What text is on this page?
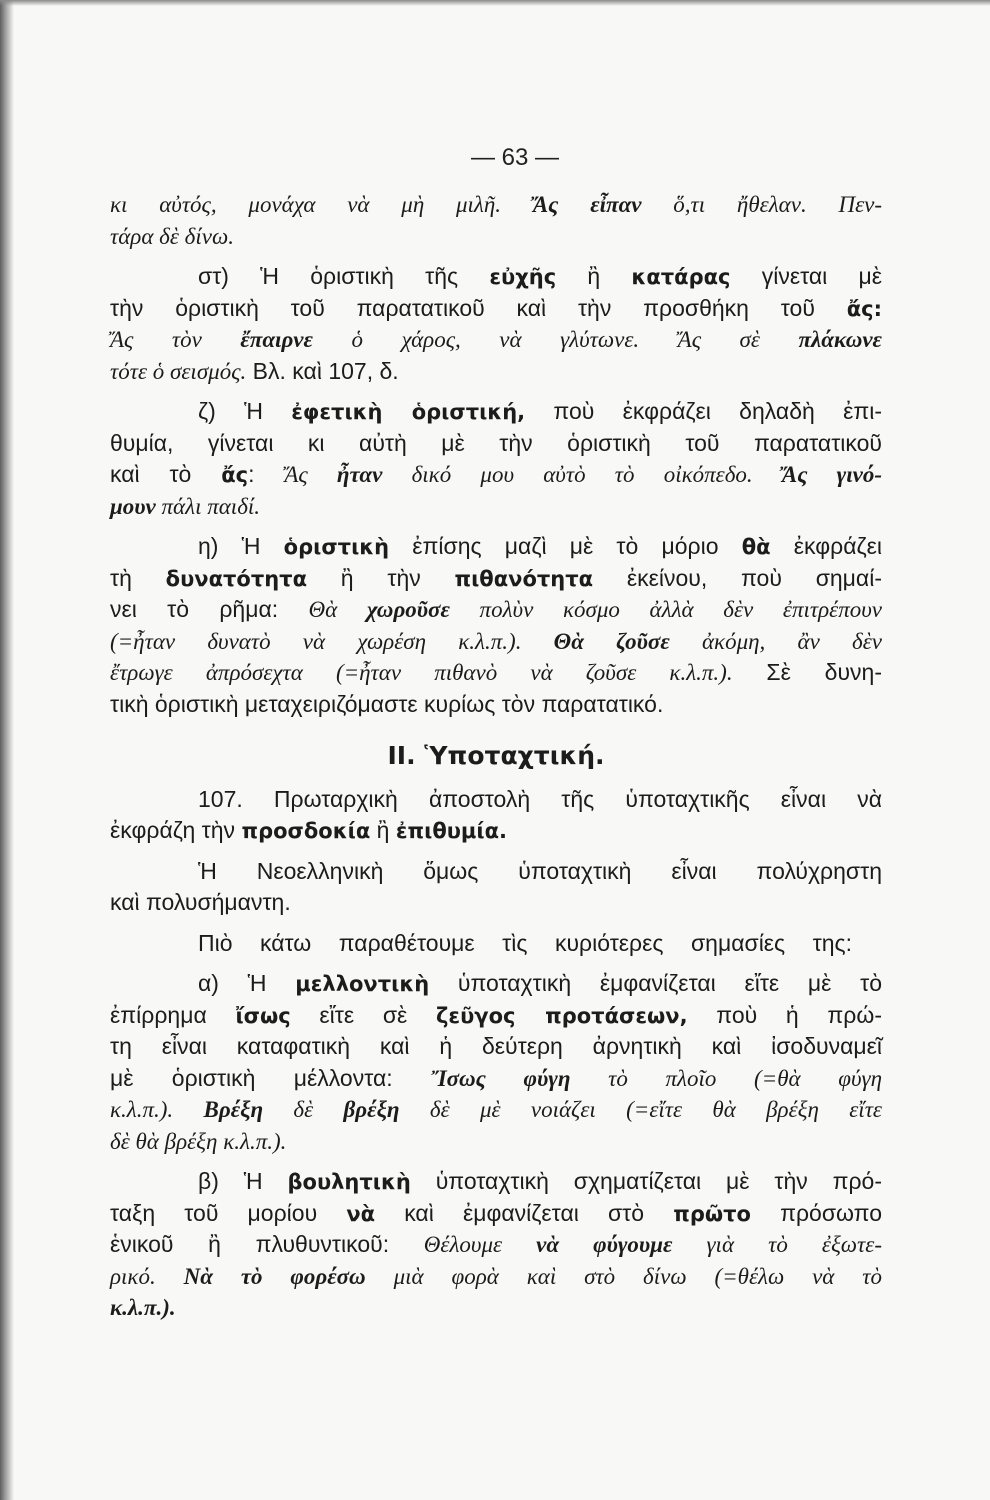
— 63 —
κι αὐτός, μονάχα νὰ μὴ μιλῆ. Ἄς εἶπαν ὅ,τι ἤθελαν. Πεν-
τάρα δὲ δίνω.
στ) Ἡ ὁριστικὴ τῆς εὐχῆς ἢ κατάρας γίνεται μὲ
τὴν ὁριστικὴ τοῦ παρατατικοῦ καὶ τὴν προσθήκη τοῦ ἄς:
Ἄς τὸν ἔπαιρνε ὁ χάρος, νὰ γλύτωνε. Ἄς σὲ πλάκωνε
τότε ὁ σεισμός. Βλ. καὶ 107, δ.
ζ) Ἡ ἐφετικὴ ὁριστική, ποὺ ἐκφράζει δηλαδὴ ἐπι-
θυμία, γίνεται κι αὐτὴ μὲ τὴν ὁριστικὴ τοῦ παρατατικοῦ
καὶ τὸ ἄς: Ἄς ἦταν δικό μου αὐτὸ τὸ οἰκόπεδο. Ἄς γινό-
μουν πάλι παιδί.
η) Ἡ ὁριστικὴ ἐπίσης μαζὶ μὲ τὸ μόριο θὰ ἐκφράζει
τὴ δυνατότητα ἢ τὴν πιθανότητα ἐκείνου, ποὺ σημαί-
νει τὸ ρῆμα: Θὰ χωροῦσε πολὺν κόσμο ἀλλὰ δὲν ἐπιτρέπουν
(=ἦταν δυνατὸ νὰ χωρέση κ.λ.π.). Θὰ ζοῦσε ἀκόμη, ἂν δὲν
ἔτρωγε ἀπρόσεχτα (=ἦταν πιθανὸ νὰ ζοῦσε κ.λ.π.). Σὲ δυνη-
τικὴ ὁριστικὴ μεταχειριζόμαστε κυρίως τὸν παρατατικό.
II. Ὑποταχτική.
107. Πρωταρχικὴ ἀποστολὴ τῆς ὑποταχτικῆς εἶναι νὰ
ἐκφράζη τὴν προσδοκία ἢ ἐπιθυμία.
Ἡ Νεοελληνικὴ ὅμως ὑποταχτικὴ εἶναι πολύχρηστη
καὶ πολυσήμαντη.
Πιὸ κάτω παραθέτουμε τὶς κυριότερες σημασίες της:
α) Ἡ μελλοντικὴ ὑποταχτικὴ ἐμφανίζεται εἴτε μὲ τὸ
ἐπίρρημα ἴσως εἴτε σὲ ζεῦγος προτάσεων, ποὺ ἡ πρώ-
τη εἶναι καταφατικὴ καὶ ἡ δεύτερη ἀρνητικὴ καὶ ἰσοδυναμεῖ
μὲ ὁριστικὴ μέλλοντα: Ἴσως φύγη τὸ πλοῖο (=θὰ φύγη
κ.λ.π.). Βρέξη δὲ βρέξη δὲ μὲ νοιάζει (=εἴτε θὰ βρέξη εἴτε
δὲ θὰ βρέξη κ.λ.π.).
β) Ἡ βουλητικὴ ὑποταχτικὴ σχηματίζεται μὲ τὴν πρό-
ταξη τοῦ μορίου νὰ καὶ ἐμφανίζεται στὸ πρῶτο πρόσωπο
ἑνικοῦ ἢ πλυθυντικοῦ: Θέλουμε νὰ φύγουμε γιὰ τὸ ἐξωτε-
ρικό. Νὰ τὸ φορέσω μιὰ φορὰ καὶ στὸ δίνω (=θέλω νὰ τὸ
κ.λ.π.).
